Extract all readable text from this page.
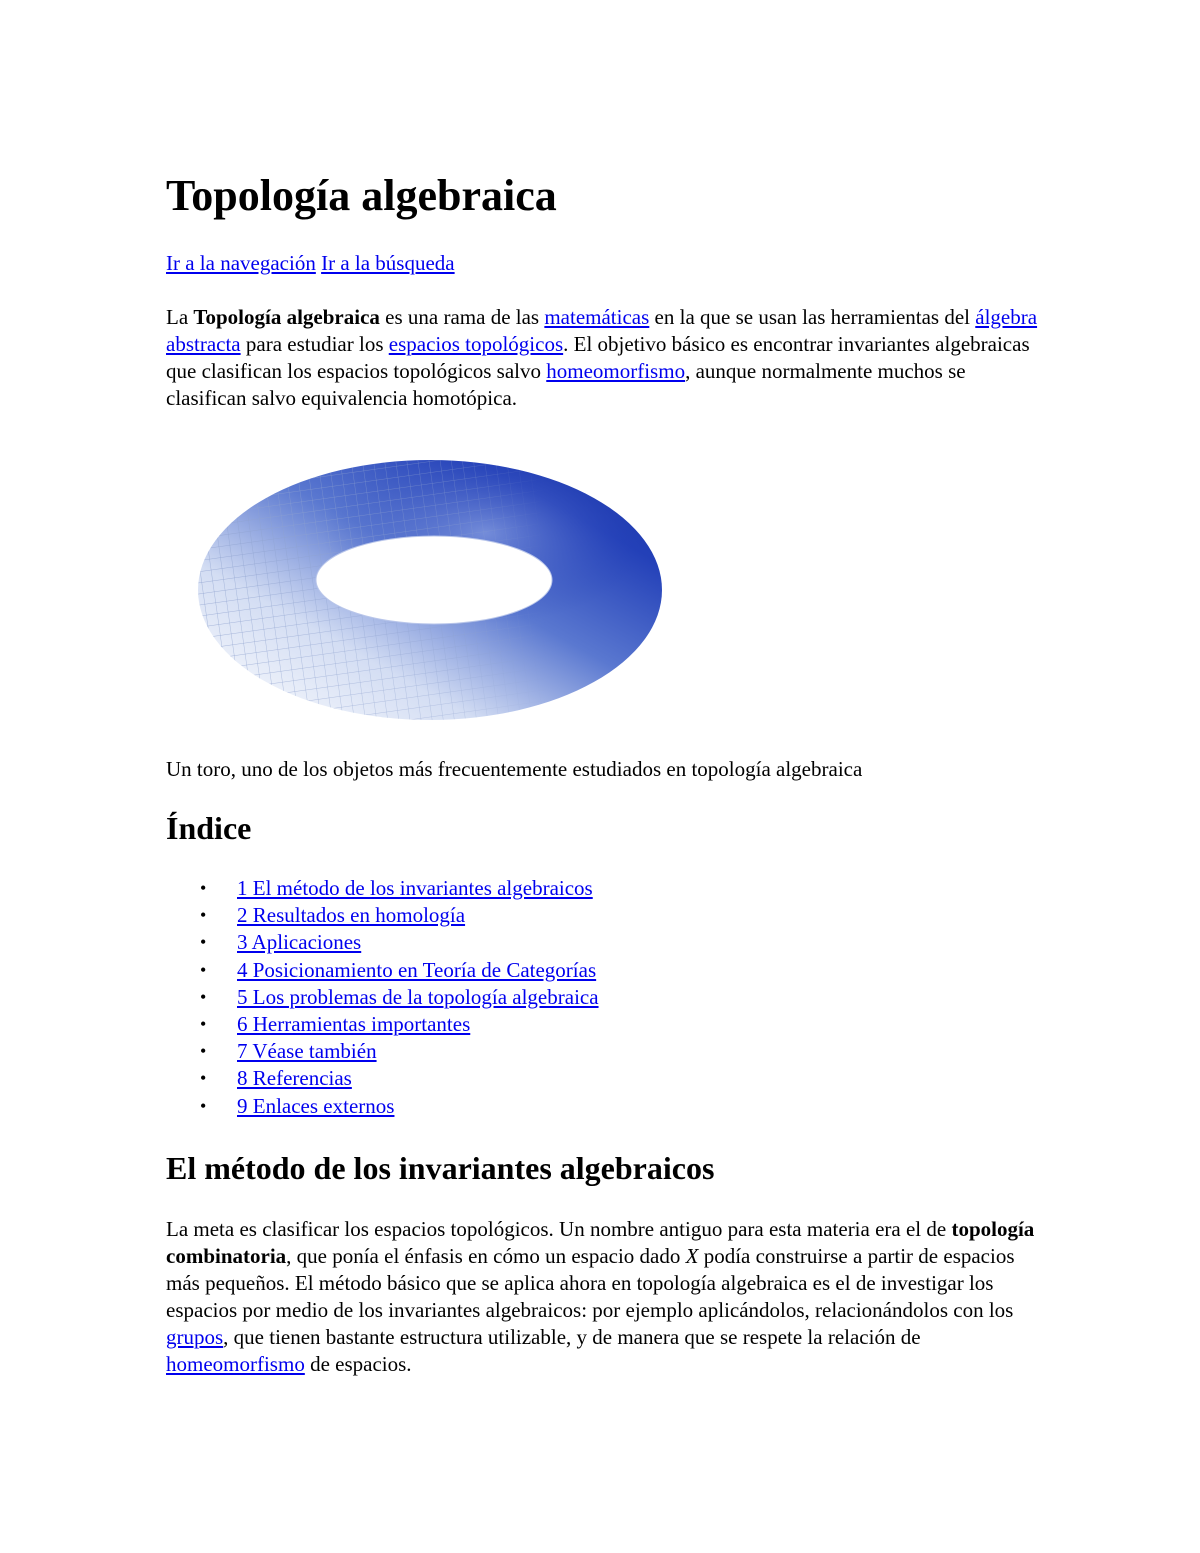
Topología algebraica
Ir a la navegación Ir a la búsqueda

La Topología algebraica es una rama de las matemáticas en la que se usan las herramientas del álgebra abstracta para estudiar los espacios topológicos. El objetivo básico es encontrar invariantes algebraicas que clasifican los espacios topológicos salvo homeomorfismo, aunque normalmente muchos se clasifican salvo equivalencia homotópica.

Un toro, uno de los objetos más frecuentemente estudiados en topología algebraica
Índice
• 1 El método de los invariantes algebraicos
• 2 Resultados en homología
• 3 Aplicaciones
• 4 Posicionamiento en Teoría de Categorías
• 5 Los problemas de la topología algebraica
• 6 Herramientas importantes
• 7 Véase también
• 8 Referencias
• 9 Enlaces externos
El método de los invariantes algebraicos

La meta es clasificar los espacios topológicos. Un nombre antiguo para esta materia era el de topología combinatoria, que ponía el énfasis en cómo un espacio dado X podía construirse a partir de espacios más pequeños. El método básico que se aplica ahora en topología algebraica es el de investigar los espacios por medio de los invariantes algebraicos: por ejemplo aplicándolos, relacionándolos con los grupos, que tienen bastante estructura utilizable, y de manera que se respete la relación de homeomorfismo de espacios.
